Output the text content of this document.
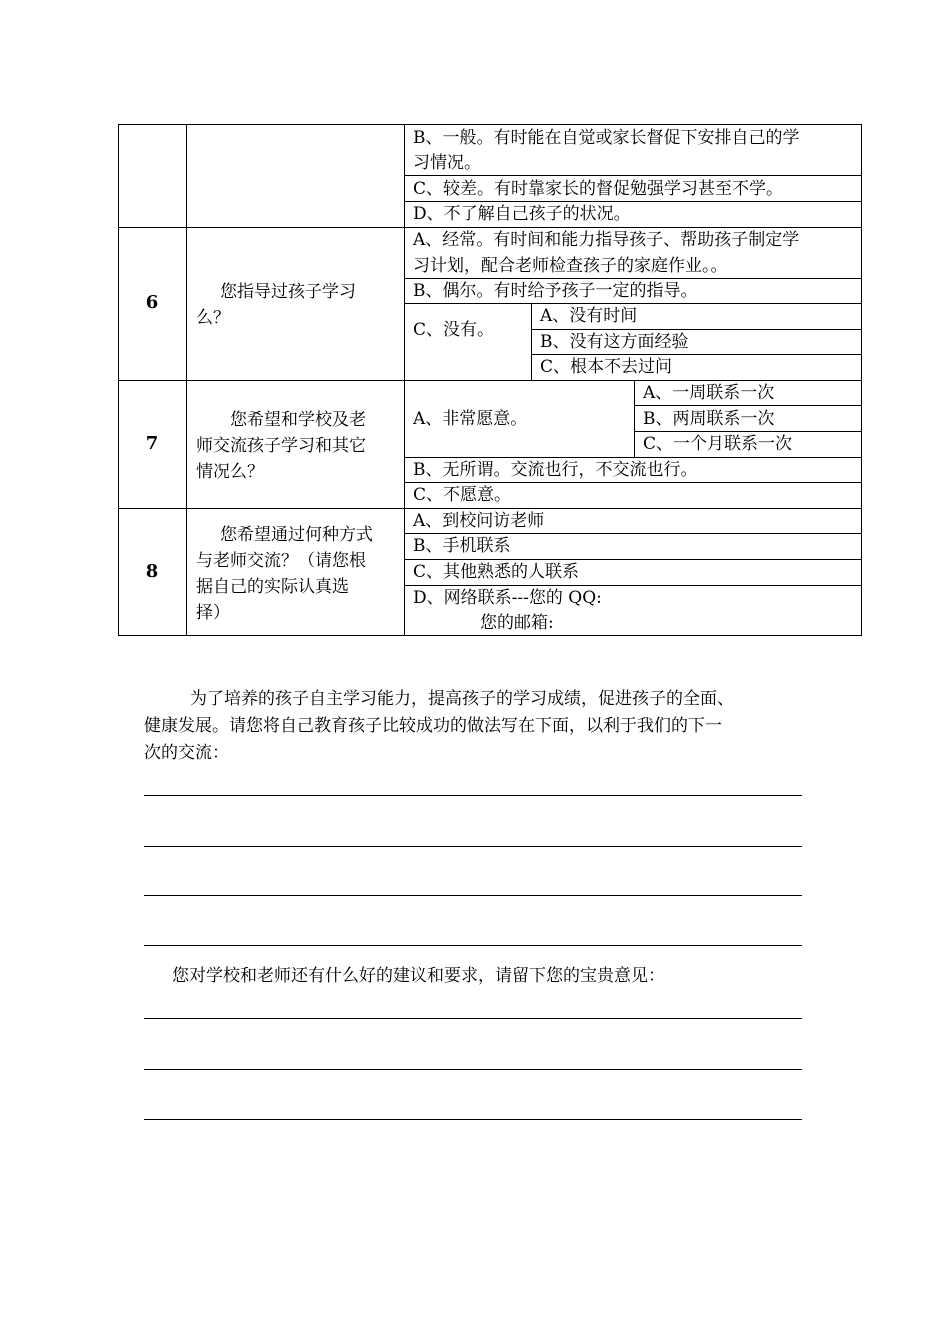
B、一般。有时能在自觉或家长督促下安排自己的学
习情况。
C、较差。有时靠家长的督促勉强学习甚至不学。
D、不了解自己孩子的状况。
6	您指导过孩子学习
么？
A、经常。有时间和能力指导孩子、帮助孩子制定学
习计划，配合老师检查孩子的家庭作业。。
B、偶尔。有时给予孩子一定的指导。
C、没有。
A、没有时间
B、没有这方面经验
C、根本不去过问
7
您希望和学校及老
师交流孩子学习和其它
情况么？
A、非常愿意。
A、一周联系一次
B、两周联系一次
C、一个月联系一次
B、无所谓。交流也行，不交流也行。
C、不愿意。
8
您希望通过何种方式
与老师交流？（请您根
据自己的实际认真选
择）
A、到校问访老师
B、手机联系
C、其他熟悉的人联系
D、网络联系---您的 QQ:
您的邮箱:
为了培养的孩子自主学习能力，提高孩子的学习成绩，促进孩子的全面、
健康发展。请您将自己教育孩子比较成功的做法写在下面，以利于我们的下一
次的交流：
您对学校和老师还有什么好的建议和要求，请留下您的宝贵意见：
